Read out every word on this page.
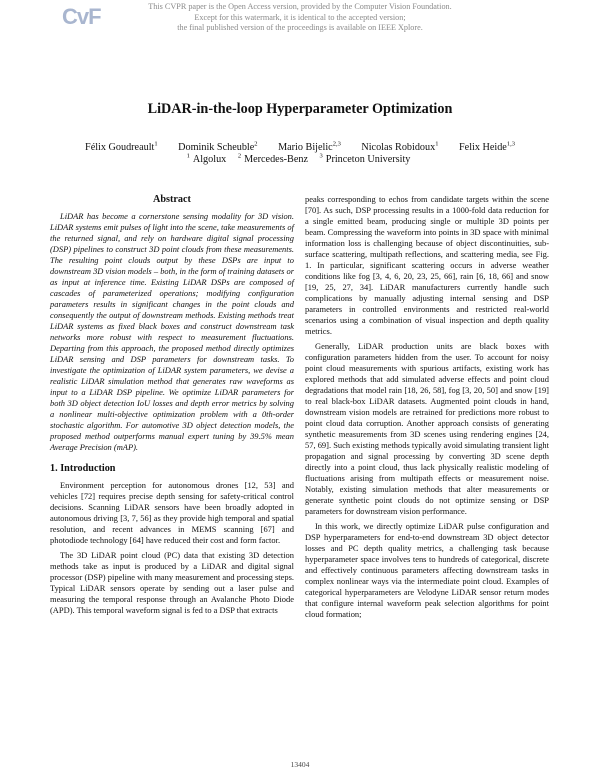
This CVPR paper is the Open Access version, provided by the Computer Vision Foundation.
Except for this watermark, it is identical to the accepted version;
the final published version of the proceedings is available on IEEE Xplore.
CvF
LiDAR-in-the-loop Hyperparameter Optimization
Félix Goudreault$^1$ Dominik Scheuble$^2$ Mario Bijelic$^{2,3}$ Nicolas Robidoux$^1$ Felix Heide$^{1,3}$
$^1$ Algolux $^2$ Mercedes-Benz $^3$ Princeton University
Abstract

LiDAR has become a cornerstone sensing modality for 3D vision. LiDAR systems emit pulses of light into the scene, take measurements of the returned signal, and rely on hardware digital signal processing (DSP) pipelines to construct 3D point clouds from these measurements. The resulting point clouds output by these DSPs are input to downstream 3D vision models – both, in the form of training datasets or as input at inference time. Existing LiDAR DSPs are composed of cascades of parameterized operations; modifying configuration parameters results in significant changes in the point clouds and consequently the output of downstream methods. Existing methods treat LiDAR systems as fixed black boxes and construct downstream task networks more robust with respect to measurement fluctuations. Departing from this approach, the proposed method directly optimizes LiDAR sensing and DSP parameters for downstream tasks. To investigate the optimization of LiDAR system parameters, we devise a realistic LiDAR simulation method that generates raw waveforms as input to a LiDAR DSP pipeline. We optimize LiDAR parameters for both 3D object detection IoU losses and depth error metrics by solving a nonlinear multi-objective optimization problem with a 0th-order stochastic algorithm. For automotive 3D object detection models, the proposed method outperforms manual expert tuning by 39.5% mean Average Precision (mAP).

1. Introduction

Environment perception for autonomous drones [12, 53] and vehicles [72] requires precise depth sensing for safety-critical control decisions. Scanning LiDAR sensors have been broadly adopted in autonomous driving [3, 7, 56] as they provide high temporal and spatial resolution, and recent advances in MEMS scanning [67] and photodiode technology [64] have reduced their cost and form factor.

The 3D LiDAR point cloud (PC) data that existing 3D detection methods take as input is produced by a LiDAR and digital signal processor (DSP) pipeline with many measurement and processing steps. Typical LiDAR sensors operate by sending out a laser pulse and measuring the temporal response through an Avalanche Photo Diode (APD). This temporal waveform signal is fed to a DSP that extracts

peaks corresponding to echos from candidate targets within the scene [70]. As such, DSP processing results in a 1000-fold data reduction for a single emitted beam, producing single or multiple 3D points per beam. Compressing the waveform into points in 3D space with minimal information loss is challenging because of object discontinuities, sub-surface scattering, multipath reflections, and scattering media, see Fig. 1. In particular, significant scattering occurs in adverse weather conditions like fog [3, 4, 6, 20, 23, 25, 66], rain [6, 18, 66] and snow [19, 25, 27, 34]. LiDAR manufacturers currently handle such complications by manually adjusting internal sensing and DSP parameters in controlled environments and restricted real-world scenarios using a combination of visual inspection and depth quality metrics.

Generally, LiDAR production units are black boxes with configuration parameters hidden from the user. To account for noisy point cloud measurements with spurious artifacts, existing work has explored methods that add simulated adverse effects and point cloud degradations that model rain [18, 26, 58], fog [3, 20, 50] and snow [19] to real black-box LiDAR datasets. Augmented point clouds in hand, downstream vision models are retrained for predictions more robust to point cloud data corruption. Another approach consists of generating synthetic measurements from 3D scenes using rendering engines [24, 57, 69]. Such existing methods typically avoid simulating transient light propagation and signal processing by converting 3D scene depth directly into a point cloud, thus lack physically realistic modeling of fluctuations arising from multipath effects or measurement noise. Notably, existing simulation methods that alter measurements or generate synthetic point clouds do not optimize sensing or DSP parameters for downstream vision performance.

In this work, we directly optimize LiDAR pulse configuration and DSP hyperparameters for end-to-end downstream 3D object detector losses and PC depth quality metrics, a challenging task because hyperparameter space involves tens to hundreds of categorical, discrete and effectively continuous parameters affecting downstream tasks in complex nonlinear ways via the intermediate point cloud. Examples of categorical hyperparameters are Velodyne LiDAR sensor return modes that configure internal waveform peak selection algorithms for point cloud formation;

13404
